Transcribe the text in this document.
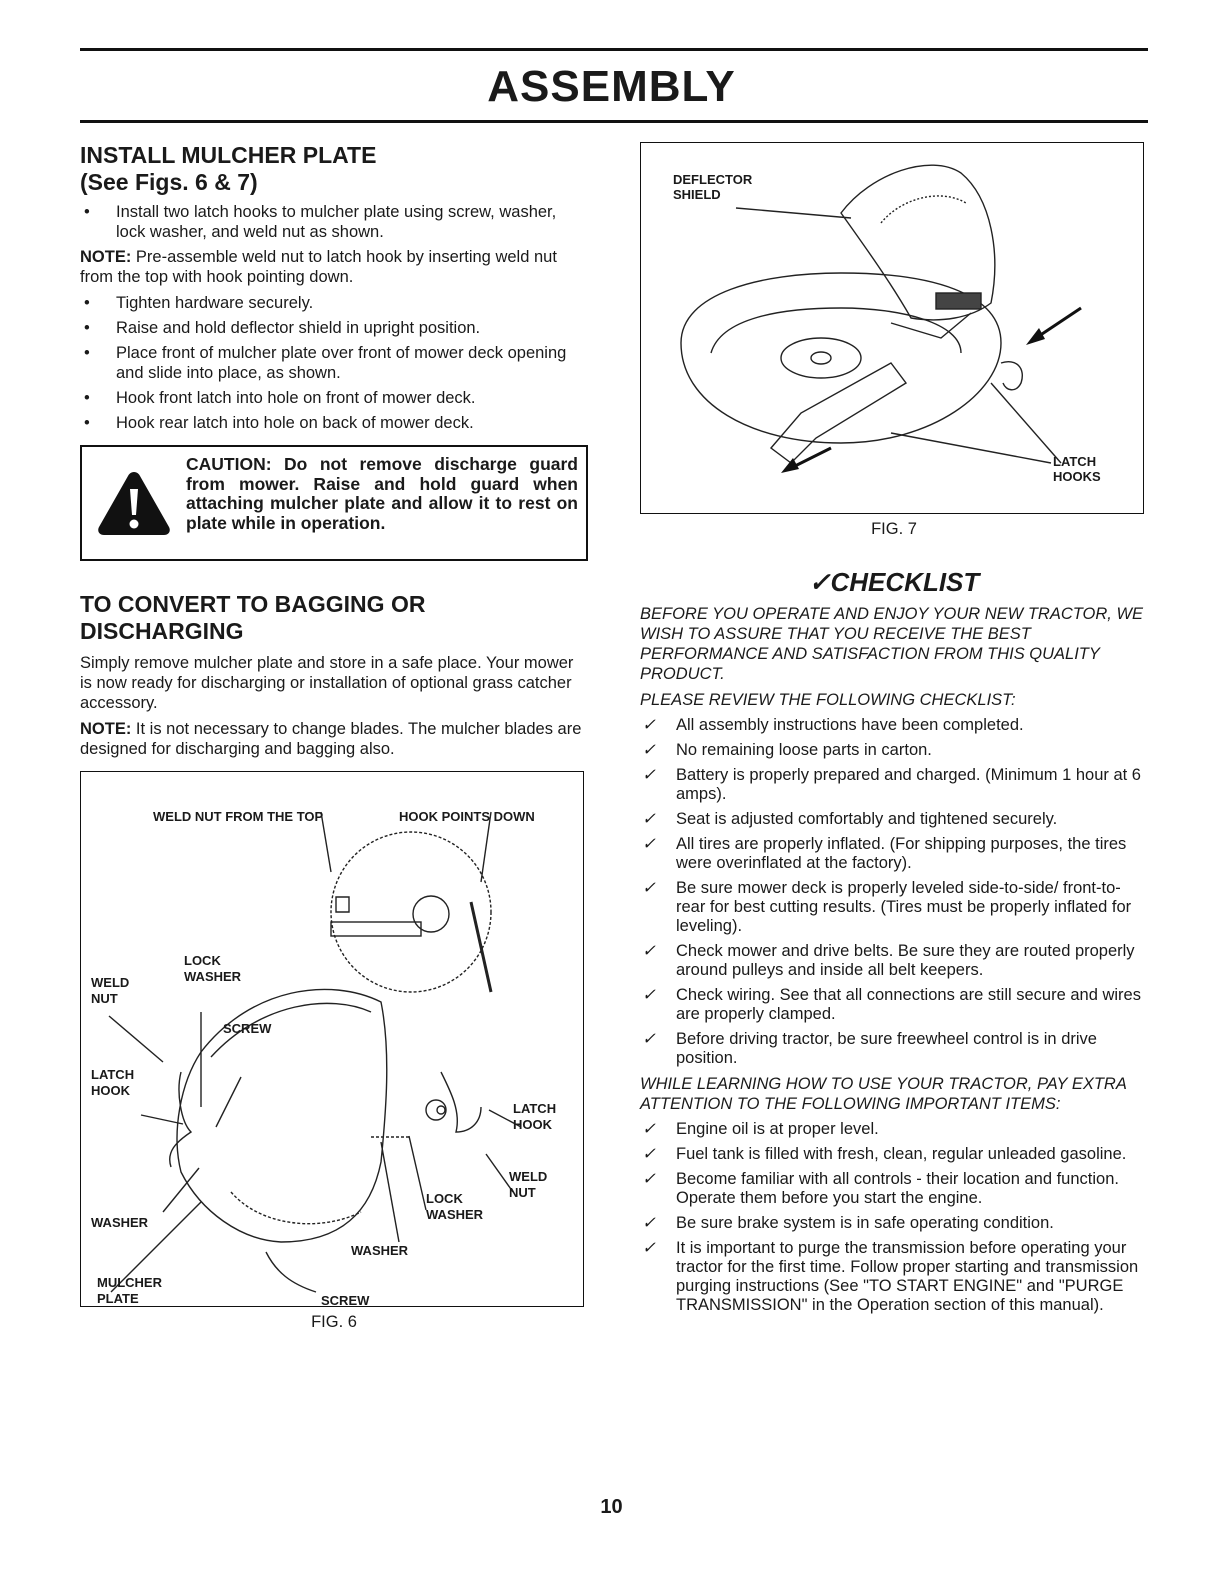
ASSEMBLY
INSTALL MULCHER PLATE
(See Figs. 6 & 7)
• Install two latch hooks to mulcher plate using screw, washer, lock washer, and weld nut as shown.

NOTE: Pre-assemble weld nut to latch hook by inserting weld nut from the top with hook pointing down.

• Tighten hardware securely.
• Raise and hold deflector shield in upright position.
• Place front of mulcher plate over front of mower deck opening and slide into place, as shown.
• Hook front latch into hole on front of mower deck.
• Hook rear latch into hole on back of mower deck.
CAUTION: Do not remove discharge guard from mower. Raise and hold guard when attaching mulcher plate and allow it to rest on plate while in operation.
TO CONVERT TO BAGGING OR
DISCHARGING

Simply remove mulcher plate and store in a safe place. Your mower is now ready for discharging or installation of optional grass catcher accessory.

NOTE: It is not necessary to change blades. The mulcher blades are designed for discharging and bagging also.

WELD NUT FROM THE TOP	HOOK POINTS DOWN
LOCK
WASHER
WELD
NUT
SCREW
LATCH
HOOK
LATCH
HOOK
WELD
NUT
LOCK
WASHER
WASHER
WASHER
MULCHER
PLATE	SCREW
FIG. 6
DEFLECTOR
SHIELD
LATCH
HOOKS
FIG. 7
✓CHECKLIST

BEFORE YOU OPERATE AND ENJOY YOUR NEW TRACTOR, WE WISH TO ASSURE THAT YOU RECEIVE THE BEST PERFORMANCE AND SATISFACTION FROM THIS QUALITY PRODUCT.

PLEASE REVIEW THE FOLLOWING CHECKLIST:

✓ All assembly instructions have been completed.
✓ No remaining loose parts in carton.
✓ Battery is properly prepared and charged. (Minimum 1 hour at 6 amps).
✓ Seat is adjusted comfortably and tightened securely.
✓ All tires are properly inflated. (For shipping purposes, the tires were overinflated at the factory).
✓ Be sure mower deck is properly leveled side-to-side/ front-to-rear for best cutting results. (Tires must be properly inflated for leveling).
✓ Check mower and drive belts. Be sure they are routed properly around pulleys and inside all belt keepers.
✓ Check wiring. See that all connections are still secure and wires are properly clamped.
✓ Before driving tractor, be sure freewheel control is in drive position.

WHILE LEARNING HOW TO USE YOUR TRACTOR, PAY EXTRA ATTENTION TO THE FOLLOWING IMPORTANT ITEMS:

✓ Engine oil is at proper level.
✓ Fuel tank is filled with fresh, clean, regular unleaded gasoline.
✓ Become familiar with all controls - their location and function. Operate them before you start the engine.
✓ Be sure brake system is in safe operating condition.
✓ It is important to purge the transmission before operating your tractor for the first time. Follow proper starting and transmission purging instructions (See "TO START ENGINE" and "PURGE TRANSMISSION" in the Operation section of this manual).
10
